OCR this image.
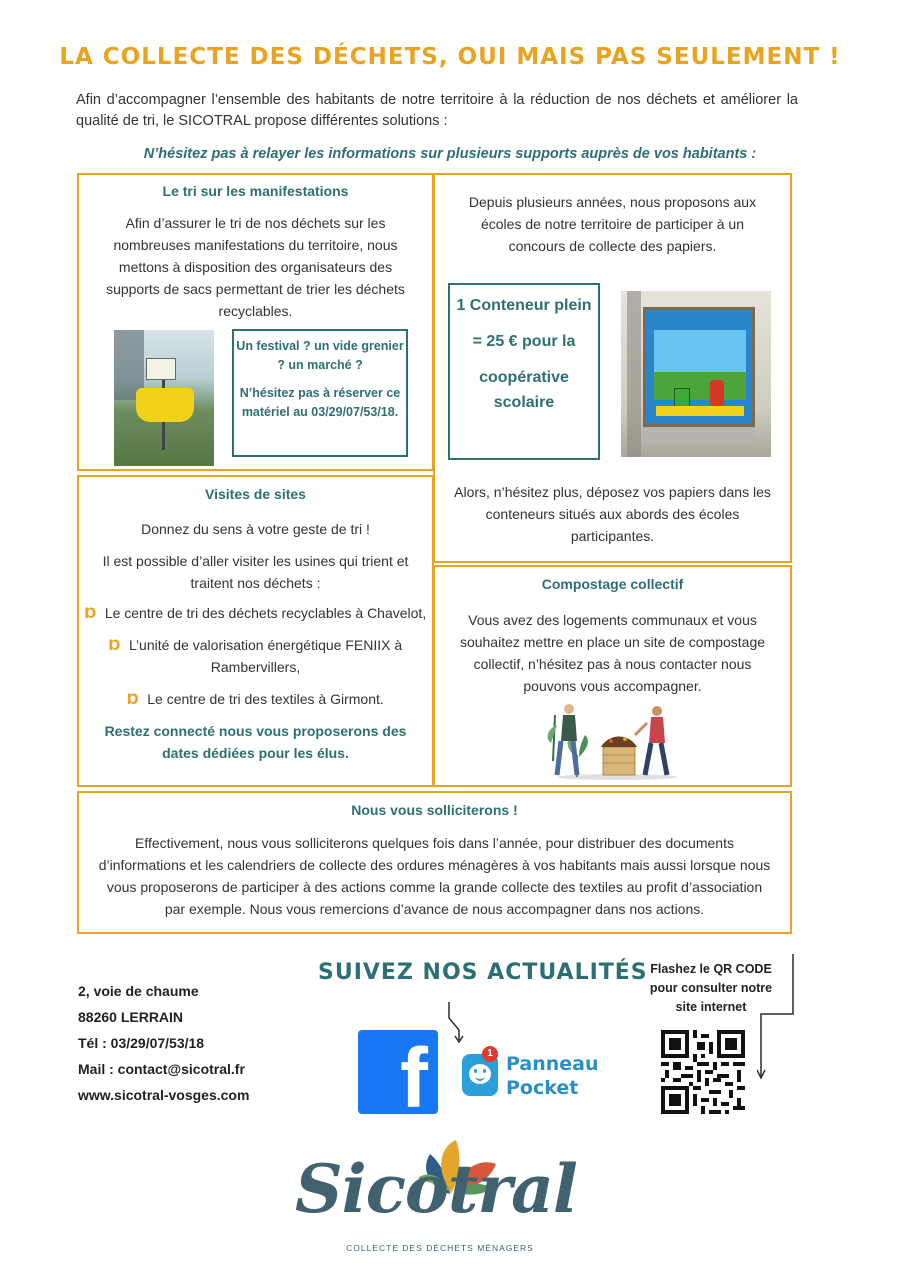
LA COLLECTE DES DÉCHETS, OUI MAIS PAS SEULEMENT !

Afin d’accompagner l’ensemble des habitants de notre territoire à la réduction de nos déchets et améliorer la qualité de tri, le SICOTRAL propose différentes solutions :

N’hésitez pas à relayer les informations sur plusieurs supports auprès de vos habitants :

Le tri sur les manifestations

Afin d’assurer le tri de nos déchets sur les nombreuses manifestations du territoire, nous mettons à disposition des organisateurs des supports de sacs permettant de trier les déchets recyclables.

Un festival ? un vide grenier ? un marché ?

N’hésitez pas à réserver ce matériel au 03/29/07/53/18.

Depuis plusieurs années, nous proposons aux écoles de notre territoire de participer à un concours de collecte des papiers.

1 Conteneur plein

= 25 € pour la

coopérative scolaire

Alors, n’hésitez plus, déposez vos papiers dans les conteneurs situés aux abords des écoles participantes.

Visites de sites

Donnez du sens à votre geste de tri !

Il est possible d’aller visiter les usines qui trient et traitent nos déchets :

Ɒ Le centre de tri des déchets recyclables à Chavelot,
Ɒ L’unité de valorisation énergétique FENIIX à Rambervillers,
Ɒ Le centre de tri des textiles à Girmont.

Restez connecté nous vous proposerons des dates dédiées pour les élus.

Compostage collectif

Vous avez des logements communaux et vous souhaitez mettre en place un site de compostage collectif, n’hésitez pas à nous contacter nous pouvons vous accompagner.

Nous vous solliciterons !

Effectivement, nous vous solliciterons quelques fois dans l’année, pour distribuer des documents d’informations et les calendriers de collecte des ordures ménagères à vos habitants mais aussi lorsque nous vous proposerons de participer à des actions comme la grande collecte des textiles au profit d’association par exemple. Nous vous remercions d’avance de nous accompagner dans nos actions.

2, voie de chaume
88260 LERRAIN
Tél : 03/29/07/53/18
Mail : contact@sicotral.fr
www.sicotral-vosges.com
SUIVEZ NOS ACTUALITÉS
f	1 Panneau
Pocket

Flashez le QR CODE pour consulter notre site internet

Sicotral
COLLECTE DES DÉCHETS MÉNAGERS
